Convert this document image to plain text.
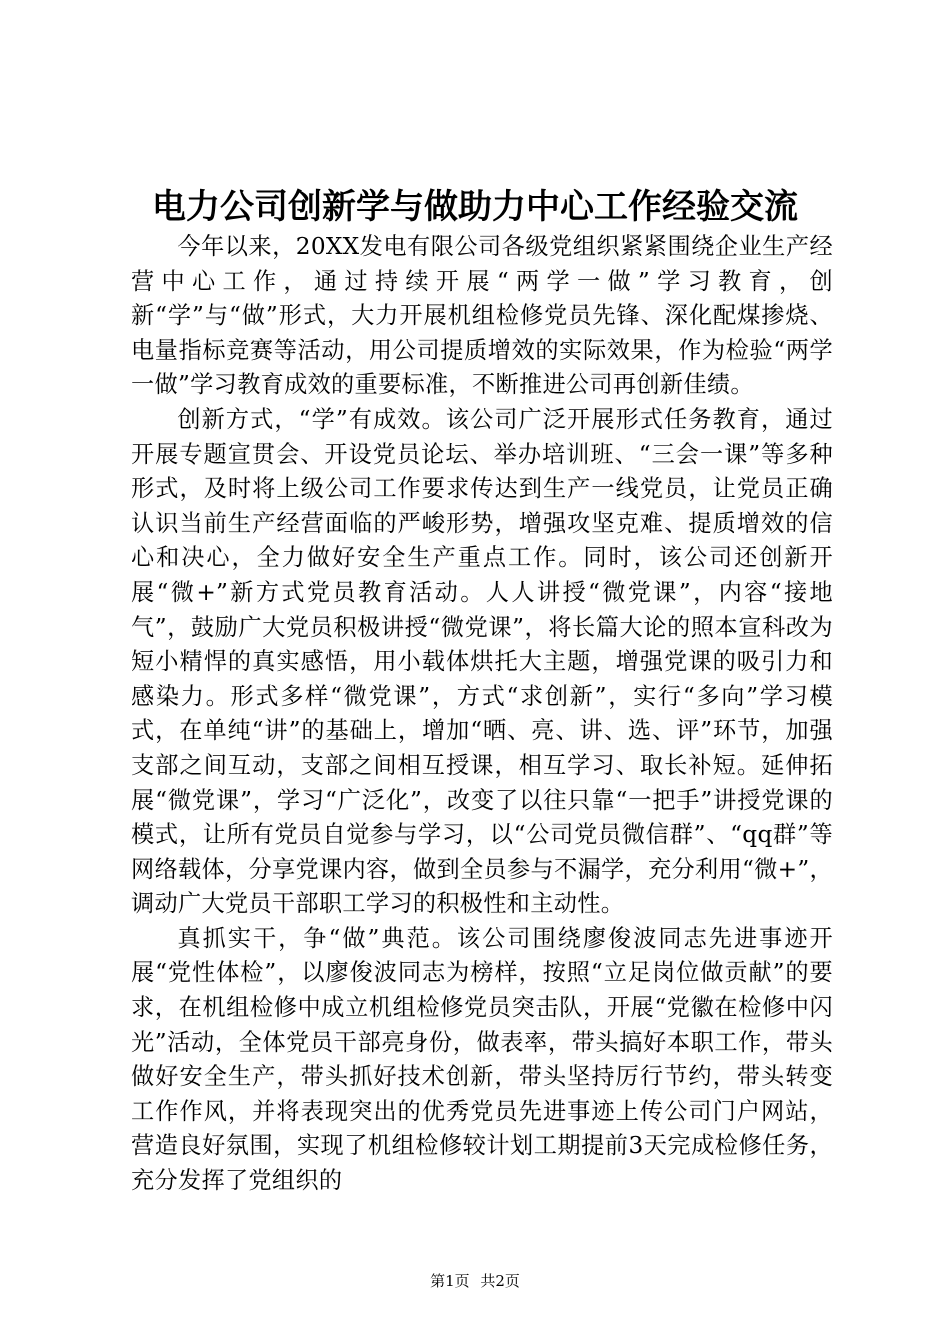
电力公司创新学与做助力中心工作经验交流

今年以来，20XX发电有限公司各级党组织紧紧围绕企业生产经营中心工作，通过持续开展“两学一做”学习教育，创新“学”与“做”形式，大力开展机组检修党员先锋、深化配煤掺烧、电量指标竞赛等活动，用公司提质增效的实际效果，作为检验“两学一做”学习教育成效的重要标准，不断推进公司再创新佳绩。

创新方式，“学”有成效。该公司广泛开展形式任务教育，通过开展专题宣贯会、开设党员论坛、举办培训班、“三会一课”等多种形式，及时将上级公司工作要求传达到生产一线党员，让党员正确认识当前生产经营面临的严峻形势，增强攻坚克难、提质增效的信心和决心，全力做好安全生产重点工作。同时，该公司还创新开展“微+”新方式党员教育活动。人人讲授“微党课”，内容“接地气”，鼓励广大党员积极讲授“微党课”，将长篇大论的照本宣科改为短小精悍的真实感悟，用小载体烘托大主题，增强党课的吸引力和感染力。形式多样“微党课”，方式“求创新”，实行“多向”学习模式，在单纯“讲”的基础上，增加“晒、亮、讲、选、评”环节，加强支部之间互动，支部之间相互授课，相互学习、取长补短。延伸拓展“微党课”，学习“广泛化”，改变了以往只靠“一把手”讲授党课的模式，让所有党员自觉参与学习，以“公司党员微信群”、“qq群”等网络载体，分享党课内容，做到全员参与不漏学，充分利用“微+”，调动广大党员干部职工学习的积极性和主动性。

真抓实干，争“做”典范。该公司围绕廖俊波同志先进事迹开展“党性体检”，以廖俊波同志为榜样，按照“立足岗位做贡献”的要求，在机组检修中成立机组检修党员突击队，开展“党徽在检修中闪光”活动，全体党员干部亮身份，做表率，带头搞好本职工作，带头做好安全生产，带头抓好技术创新，带头坚持厉行节约，带头转变工作作风，并将表现突出的优秀党员先进事迹上传公司门户网站，营造良好氛围，实现了机组检修较计划工期提前3天完成检修任务，充分发挥了党组织的

第1页 共2页
